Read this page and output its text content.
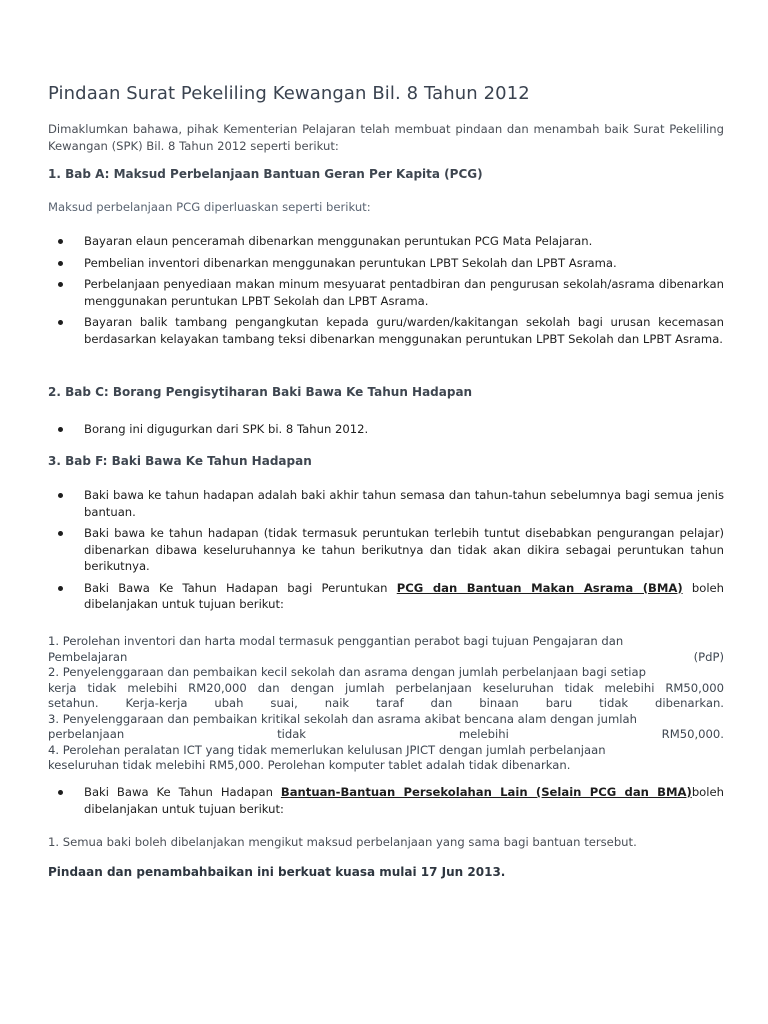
Pindaan Surat Pekeliling Kewangan Bil. 8 Tahun 2012
Dimaklumkan bahawa, pihak Kementerian Pelajaran telah membuat pindaan dan menambah baik Surat Pekeliling Kewangan (SPK) Bil. 8 Tahun 2012 seperti berikut:
1. Bab A: Maksud Perbelanjaan Bantuan Geran Per Kapita (PCG)
Maksud perbelanjaan PCG diperluaskan seperti berikut:
Bayaran elaun penceramah dibenarkan menggunakan peruntukan PCG Mata Pelajaran.
Pembelian inventori dibenarkan menggunakan peruntukan LPBT Sekolah dan LPBT Asrama.
Perbelanjaan penyediaan makan minum mesyuarat pentadbiran dan pengurusan sekolah/asrama dibenarkan menggunakan peruntukan LPBT Sekolah dan LPBT Asrama.
Bayaran balik tambang pengangkutan kepada guru/warden/kakitangan sekolah bagi urusan kecemasan berdasarkan kelayakan tambang teksi dibenarkan menggunakan peruntukan LPBT Sekolah dan LPBT Asrama.
2. Bab C: Borang Pengisytiharan Baki Bawa Ke Tahun Hadapan
Borang ini digugurkan dari SPK bi. 8 Tahun 2012.
3. Bab F: Baki Bawa Ke Tahun Hadapan
Baki bawa ke tahun hadapan adalah baki akhir tahun semasa dan tahun-tahun sebelumnya bagi semua jenis bantuan.
Baki bawa ke tahun hadapan (tidak termasuk peruntukan terlebih tuntut disebabkan pengurangan pelajar) dibenarkan dibawa keseluruhannya ke tahun berikutnya dan tidak akan dikira sebagai peruntukan tahun berikutnya.
Baki Bawa Ke Tahun Hadapan bagi Peruntukan PCG dan Bantuan Makan Asrama (BMA) boleh dibelanjakan untuk tujuan berikut:
1. Perolehan inventori dan harta modal termasuk penggantian perabot bagi tujuan Pengajaran dan
Pembelajaran	(PdP)
2. Penyelenggaraan dan pembaikan kecil sekolah dan asrama dengan jumlah perbelanjaan bagi setiap
kerja tidak melebihi RM20,000 dan dengan jumlah perbelanjaan keseluruhan tidak melebihi RM50,000
setahun. Kerja-kerja ubah suai, naik taraf dan binaan baru tidak dibenarkan.
3. Penyelenggaraan dan pembaikan kritikal sekolah dan asrama akibat bencana alam dengan jumlah
perbelanjaan tidak melebihi RM50,000.
4. Perolehan peralatan ICT yang tidak memerlukan kelulusan JPICT dengan jumlah perbelanjaan
keseluruhan tidak melebihi RM5,000. Perolehan komputer tablet adalah tidak dibenarkan.
Baki Bawa Ke Tahun Hadapan Bantuan-Bantuan Persekolahan Lain (Selain PCG dan BMA)boleh dibelanjakan untuk tujuan berikut:
1. Semua baki boleh dibelanjakan mengikut maksud perbelanjaan yang sama bagi bantuan tersebut.
Pindaan dan penambahbaikan ini berkuat kuasa mulai 17 Jun 2013.
